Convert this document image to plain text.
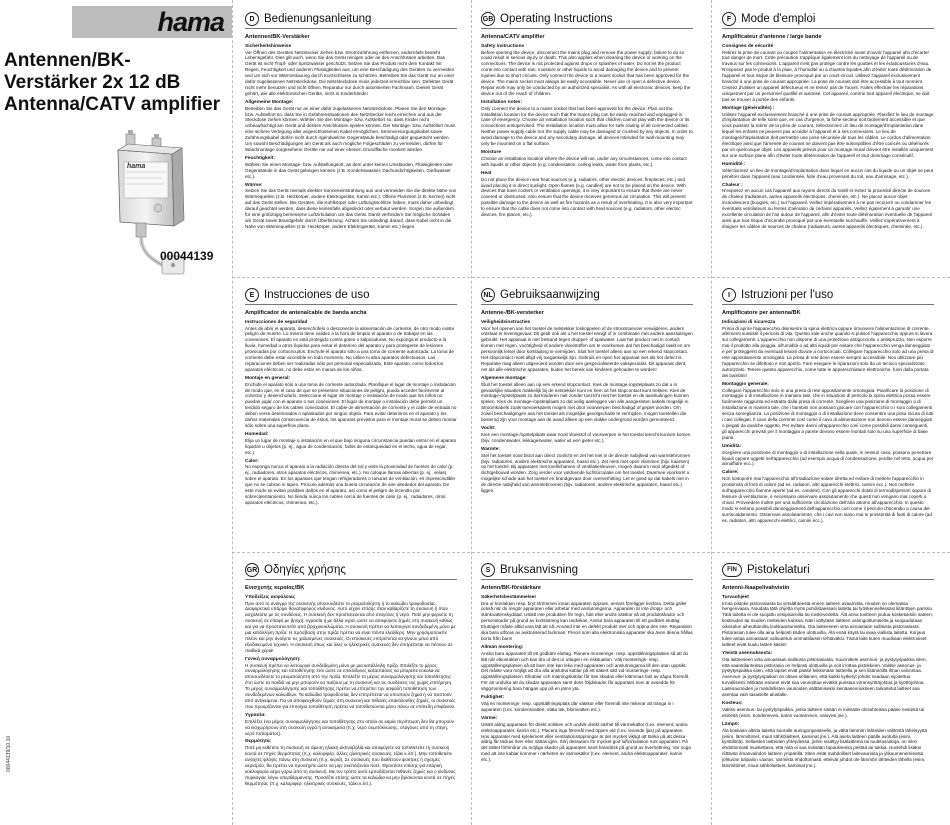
hama
Antennen/BK-
Verstärker 2x 12 dB
Antenna/CATV amplifier
hama
00044139
00044139/10.10
D Bedienungsanleitung
Antennen/BK-Verstärker
Sicherheitshinweise

Vor Öffnen des Gerätes Netzstecker ziehen bzw. Stromzuführung entfernen, andernfalls besteht Lebensgefahr. Dies gilt auch, wenn Sie das Gerät reinigen oder an den Anschlüssen arbeiten. Das Gerät ist nicht Tropf- oder Spritzwasser geschützt. Setzen Sie das Produkt nicht dem Kontakt mit Regen, Feuchtigkeit und anderen Flüssigkeiten aus, um eine Beschädigung des Gerätes zu vermeiden und um sich vor Wärmestauung durch Kurzschlüsse zu schützen. Betreiben Sie das Gerät nur an einer dafür zugelassenen Netzsteckdose. Die Netzsteckdose muss jederzeit erreichbar sein. Defektes Gerät nicht mehr benutzen und nicht öffnen. Reparatur nur durch autorisierten Fachmann. Dieses Gerät gehört, wie alle elektronischen Geräte, nicht in Kinderhände!

Allgemeine Montage:

Betreiben Sie das Gerät nur an einer dafür zugelassenen Netzsteckdose. Planen Sie den Montage- bzw. Aufstellort so, dass Sie in Gefahrensituationen den Netzstecker leicht erreichen und aus der Steckdose ziehen können. Wählen Sie den Montage- bzw. Aufstellort so, dass Kinder nicht unbeaufsichtigt am Gerät und dessen Anschlüssen spielen können. Der Montage- bzw. Aufstellort muss eine sichere Verlegung aller angeschlossenen Kabel ermöglichen. Stromversorgungskabel sowie Zuführungskabel dürfen nicht durch irgendwelche Gegenstände beschädigt oder gequetscht werden. Um sowohl Beschädigungen am Gerät als auch mögliche Folgeschäden zu vermeiden, dürfen für Wandmontage vorgesehene Geräte nur auf einer ebenen Grundfläche montiert werden.

Feuchtigkeit:

Wählen Sie einen Montage- bzw. Aufstellungsort, an dem unter keinen Umständen, Flüssigkeiten oder Gegenstände in das Gerät gelangen können (z.B. Kondenswasser, Dachundichtigkeiten, Gießwasser etc.).

Wärme:

Setzen Sie das Gerät niemals direkter Sonneneinstrahlung aus und vermeiden Sie die direkte Nähe von Wärmequellen (z.B. Heizkörper, andere Elektrogeräte, Kamin etc.). Offene Flammen (z.B. Kerzen) nicht auf das Gerät stellen. Bei Geräten, die Kühlkörper oder Lüftungsschlitze haben, muss daher unbedingt darauf geachtet werden, dass diese keinesfalls abgedeckt oder verbaut werden. Sorgen Sie außerdem für eine großzügig bemessene Luftzirkulation um das Gerät. Damit verhindern Sie mögliche Schäden am Gerät sowie Brandgefahr durch Überhitzung. Achten Sie unbedingt darauf, dass Kabel nicht in die Nähe von Wärmequellen (z.B. Heizkörper, andere Elektrogeräte, Kamin etc.) liegen.

GB Operating Instructions
Antenna/CATV amplifier
Safety instructions

Before opening the device, disconnect the mains plug and remove the power supply; failure to do so could result in serious injury or death. This also applies when cleaning the device or working on the connections. The device is not protected against drops or splashes of water. Do not let the product come into contact with rain, moisture or other liquids to avoid damaging the device and to prevent injuries due to short circuits. Only connect the device to a mains socket that has been approved for the device. The mains socket must always be easily accessible. Never use or open a defective device. Repair work may only be conducted by an authorized specialist. As with all electronic devices, keep the device out of the reach of children.

Installation notes:

Only connect the device to a mains socket that has been approved for the device. Plan out the installation location for the device such that the mains plug can be easily reached and unplugged in case of emergency. Choose an installation location such that children cannot play with the device or its connections unsupervised. The installation location must allow for safe routing of all connected cables. Neither power supply cable nor the supply cable may be damaged or crushed by any objects. In order to avoid damage to the device and any secondary damage, all devices intended for wall-mounting may only be mounted on a flat surface.

Moisture

Choose an installation location where the device will not, under any circumstances, come into contact with liquids or other objects (e.g. condensation, ceiling leaks, water from plants, etc.).

Heat

Do not place the device near heat sources (e.g. radiators, other electric devices, fireplaces, etc.) and avoid placing it in direct sunlight. Open flames (e.g. candles) are not to be placed on the device. With devices that have coolers or ventilation openings, it is very important to ensure that these are never covered or obstructed. Also ensure that the device receives generous air circulation. This will prevent possible damage to the device as well as fire hazards as a result of overheating. It is also very important to ensure that the cable does not come into contact with heat sources (e.g. radiators, other electric devices, fire places, etc.).

F Mode d'emploi
Amplificateur d'antenne / large bande
Consignes de sécurité

Retirez la prise de courant ou coupez l'alimentation en électricité avant d'ouvrir l'appareil afin d'écarter tout danger de mort. Cette précaution s'applique également lors du nettoyage de l'appareil ou de travaux sur les connexions. L'appareil n'est pas protégé contre les gouttes et les éclaboussures d'eau. N'exposez pas le produit à la pluie, à l'humidité ou à d'autres liquides afin d'éviter toute détérioration de l'appareil et tout risque de blessure provoqué par un court-circuit. Utilisez l'appareil exclusivement branché à une prise de courant appropriée. La prise de courant doit être accessible à tout moment. Cessez d'utiliser un appareil défectueux et ne tentez pas de l'ouvrir. Faites effectuer les réparations uniquement par un personnel qualifié et autorisé. Cet appareil, comme tout appareil électrique, ne doit pas se trouver à portée des enfants.

Montage (généralités) :

Utilisez l'appareil exclusivement branché à une prise de courant appropriée. Planifiez le lieu de montage d'implantation de telle sorte que, en cas d'urgence, la fiche secteur soit facilement accessible et que vous puissiez la retirer de la prise de courant. Sélectionnez un lieu de montage/d'implantation dans lequel les enfants ne peuvent pas accéder à l'appareil et à ses connexions. Le lieu de montage/d'implantation doit permettre une pose sécurisée de tous les câbles. Le cordon d'alimentation électrique ainsi que l'amenée de courant ne doivent pas être susceptibles d'être coincés ou détériorés par un quelconque objet. Les appareils prévus pour un montage mural doivent être installés uniquement sur une surface plane afin d'éviter toute détérioration de l'appareil et tout dommage consécutif.

Humidité :

Sélectionnez un lieu de montage/d'implantation dans lequel en aucun cas du liquide ou un objet ne peut pénétrer dans l'appareil (eau condensée, fuite d'eau provenant du toit, eau d'arrosage, etc.).

Chaleur :

N'exposez en aucun cas l'appareil aux rayons directs du soleil et évitez la proximité directe de sources de chaleur (radiateurs, autres appareils électriques, cheminée, etc.). Ne placez aucun objet incandescent (bougies, etc.) sur l'appareil. Veillez impérativement à ne pas recouvrir ou condamner les éventuels ventilateurs ou fentes d'aération de certains appareils. Veillez également à garantir une excellente circulation de l'air autour de l'appareil, afin d'éviter toute détérioration éventuelle de l'appareil ainsi que tout risque d'incendie provoqué par une éventuelle surchauffe. Veillez impérativement à éloigner les câbles de sources de chaleur (radiateurs, autres appareils électriques, cheminée, etc.).

E Instrucciones de uso
Amplificador de antena/cable de banda ancha
Instrucciones de seguridad

Antes de abrir el aparato, desenchúfelo o desconecte la alimentación de corriente, de otro modo existe peligro de muerte. Lo mismo tiene validez a la hora de limpiar el aparato o de trabajar en las conexiones. El aparato no está protegido contra goteo o salpicaduras. No exponga el producto a la lluvia, humedad u otros líquidos para evitar el deterioro del aparato y para protegerse de lesiones provocadas por cortocircuitos. Enchufe el aparato sólo a una toma de corriente autorizada. La toma de corriente debe estar accesible en todo momento. No utilice ni abra aparatos defectuosos. Las reparaciones deben ser realizadas sólo por personal especializado. Este aparato, como todos los aparatos eléctricos, no debe estar en manos de los niños.

Montaje en general:

Enchufe el aparato sólo a una toma de corriente autorizada. Planifique el lugar de montaje o instalación de modo que, en el caso de que se presenten situaciones de peligro, pueda acceder fácilmente al conector y desenchufarlo. Seleccione el lugar de montaje o instalación de modo que los niños no puedan jugar con el aparato o sus conexiones. El lugar de montaje o instalación debe permitir un tendido seguro de los cables conectados. El cable de alimentación de corriente y el cable de entrada no deben verse deteriorados o aplastados por ningún objeto. Para evitar deterioros en el aparato y los daños materiales consecuencia de éstos, los aparatos previstos para el montaje mural se deben montar sólo sobre una superficie plana.

Humedad:

Elija un lugar de montaje o instalación en el que bajo ninguna circunstancia puedan entrar en el aparato líquidos u objetos (p. ej., agua de condensación, fallos de estanqueidad en el techo, agua de regar, etc.).

Calor:

No exponga nunca el aparato a la radiación directa del sol y evite la proximidad de fuentes de calor (p. ej., radiadores, otros aparatos eléctricos, chimenea, etc.). No coloque llamas abiertas (p. ej., velas) sobre el aparato. En los aparatos que tengan refrigeradores o ranuras de ventilación, es imprescindible que no se cubran ni tapen. Procure además una buena circulación de aire alrededor del aparato. De este modo se evitan posibles daños en el aparato, así como el peligro de incendio por sobrecalentamiento. No tienda nunca los cables cerca de fuentes de calor (p. ej., radiadores, otros aparatos eléctricos, chimenea, etc.).

NL Gebruiksaanwijzing
Antenne-/BK-versterker
Veiligheidsinstructies

Voor het openen van het toestel de netstekker loskoppelen of de stroomtoevoer verwijderen, anders ontstaat er levensgevaar. Dit geldt ook als u het toestel reinigt of in combinatie met andere aansluitingen gebruikt. Het apparaat is niet bestand tegen druppel- of spatwater. Laat het product niet in contact komen met regen, vochtigheid of andere vloeistoffen om te voorkomen dat het beschadigd raakt en om persoonlijk letsel door kortsluiting te vermijden. Sluit het toestel alleen aan op een erkend stopcontact. Het stopcontact moet altijd vrij toegankelijk zijn. Gebruik en open het apparaat niet als het defect is. Reparatie mag alleen uitgevoerd worden door een gespecialiseerde vakspecialist. Dit apparaat dient, net als alle elektrische apparaten, buiten het bereik van kinderen gehouden te worden!

Algemene montage:

Sluit het toestel alleen aan op een erkend stopcontact. Kies de montage-/opstelplaats zo dat u in gevaarlijke situaties makkelijk bij de netstekker kunt en hem uit het stopcontact kunt trekken. Kies de montage-/opstelplaats zo dat kinderen niet zonder toezicht met het toestel en de aansluitingen kunnen spelen. Kies de montage-/opstelplaats zo dat veilig aanleggen van alle aangesloten kabels mogelijk is. Stroomkabels zoals toevoerkabels mogen niet door voorwerpen beschadigd of geplet worden. Om zowel beschadigingen aan het toestel als mogelijke gevolgschade te vermijden, mogen toestellen die bestemd zijn voor montage aan de wand alleen op een vlakke ondergrond worden gemonteerd.

Vocht:

Kies een montage-/opstelplaats waar nooit vloeistof of voorwerpen in het toestel terecht kunnen komen (bijv. condenswater, lekkageswater, water uit een gieter etc.).

Warmte:

Stel het toestel nooit bloot aan direct zonlicht en zet het niet in de directe nabijheid van warmtebronnen (bijv. radiatoren, andere elektrische apparaten, haard etc.). Zet niets met open vlammen (bijv. kaarsen) op het toestel. Bij apparaten met koellichamen of ventilatiesleuven, mogen daarom nooit afgedekt of dichtgebouwd worden. Zorg verder voor voldoende luchtcirculatie om het toestel. Daarmee voorkomt u mogelijke schade aan het toestel en brandgevaar door oververhitting. Let er goed op dat kabels niet in de directe nabijheid van warmtebronnen (bijv. radiatoren, andere elektrische apparaten, haard etc.) liggen.

I Istruzioni per l'uso
Amplificatore per antenna/BK
Indicazioni di sicurezza

Prima di aprire l'apparecchio disinserire la spina elettrica oppure rimuovere l'alimentazione di corrente, altrimenti sussiste il pericolo di vita. Questo vale anche quando si pulisce l'apparecchio oppure si lavora sui collegamenti. L'apparecchio non dispone di una protezione antigocciolio o antispruzzo. Non esporre mai il prodotto alla pioggia, all'umidità o ad altri liquidi per evitare che l'apparecchio venga danneggiato e per proteggersi da eventuali lesioni dovute a cortocircuiti. Collegare l'apparecchio solo ad una presa di rete appositamente omologata. La presa di rete deve essere sempre accessibile. Non utilizzare più l'apparecchio se difettoso e non aprirlo. Fare eseguire le riparazioni solo da un tecnico specializzato autorizzato. Tenere questo apparecchio, come tutte le apparecchiature elettroniche, fuori dalla portata dei bambini!

Montaggio generale:

Collegare l'apparecchio solo in una presa di rete appositamente omologata. Pianificare la posizione di montaggio o di installazione in maniera tale, che in situazioni di pericolo la spina elettrica possa essere facilmente raggiunta ed estratta dalla presa di corrente. Scegliere una posizione di montaggio o di installazione in maniera tale, che i bambini non possano giocare con l'apparecchio o i suoi collegamenti senza sorveglianza. La posizione di montaggio o di installazione deve consentire una posa sicura di tutti i cavi collegati. Il cavo della corrente così come il cavo di alimentazione non devono essere danneggiati o piegati da qualche oggetto. Per evitare danni all'apparecchio così come possibili danni conseguenti, gli apparecchi previsti per il montaggio a parete devono essere montati solo su una superficie di base piana.

Umidità:

Scegliere una posizione di montaggio o di installazione nella quale, in nessun caso, possano penetrare liquidi oppure oggetti nell'apparecchio (ad esempio acqua di condensazione, perdite nel tetto, acqua per annaffiare ecc.).

Calore:

Non sottoporre mai l'apparecchio all'irradiazione solare diretta ed evitare di mettere l'apparecchio in prossimità di fonti di calore (ad es. radiatori, altri apparecchi elettrici, camini ecc.). Non mettere sull'apparecchio fiamme aperte (ad es. candele). Con gli apparecchi dotati di termodispersori oppure di fessure di ventilazione, è necessario osservare assolutamente che questi non vengano mai coperti o chiusi. Provvedere inoltre per una sufficiente circolazione dell'aria attorno all'apparecchio. In questo modo si evitano possibili danneggiamenti dell'apparecchio così come il pericolo d'incendio a causa del surriscaldamento. Osservare assolutamente, che i cavi non siano mai in prossimità di fonti di calore (ad es. radiatori, altri apparecchi elettrici, camini ecc.).

GR Οδηγίες χρήσης
Ενισχυτής κεραίας/BK
Υποδείξεις ασφάλειας

Πριν από το άνοιγμα της συσκευής αποσυνδέστε το ρευματολήπτη ή το καλώδιο τροφοδοσίας. Διαφορετικά υπάρχει θανατηφόρος κίνδυνος. Αυτό ισχύει επίσης όταν καθαρίζετε τη συσκευή ή όταν ασχολείστε με τις συνδέσεις. Η συσκευή δεν προστατεύεται από σταγόνες ή νερό. Ποτέ μην φέρνετε τη συσκευή σε επαφή με βροχή, υγρασία ή με άλλα υγρά, ώστε να αποφύγετε ζημιές στη συσκευή καθώς και για να προστατευτείτε από βραχυκυκλώματα. Η συσκευή πρέπει να λειτουργεί συνδεδεμένη μόνο με μια κατάλληλη πρίζα. Η πρόσβαση στην πρίζα πρέπει να είναι πάντα ελεύθερη. Μην χρησιμοποιείτε πλέον και μην ανοίγετε τις χαλασμένες συσκευές. Οι επισκευές επιτρέπεται να γίνουν μόνο από εξειδικευμένο τεχνικό. Η συσκευή όπως και όλες οι ηλεκτρικές συσκευές δεν επιτρέπεται να πέσουν σε παιδικά χέρια!

Γενική συναρμολόγηση:

Η συσκευή πρέπει να λειτουργεί συνδεδεμένη μόνο με μια κατάλληλη πρίζα. Επιλέξτε το μέρος συναρμολόγησης και τοποθέτησης έτσι ώστε σε επικίνδυνες καταστάσεις να μπορείτε εύκολα να αποσυνδέσετε το ρευματολήπτη από την πρίζα. Επιλέξτε το μέρος συναρμολόγησης και τοποθέτησης έτσι ώστε τα παιδιά να μην μπορούν να παίζουν με τη συσκευή και τις συνδέσεις της χωρίς επιτήρηση. Το μέρος συναρμολόγησης και τοποθέτησης πρέπει να επιτρέπει την ασφαλή τοποθέτηση των συνδεδεμένων καλωδίων. Τα καλώδια τροφοδοσίας δεν επιτρέπεται να υποστούν ζημιά ή να πιεστούν από αντικείμενα. Για να αποφευχθούν ζημιές στη συσκευή και πιθανές επακόλουθες ζημιές, οι συσκευές που προορίζονται για επιτοίχια τοποθέτηση πρέπει να τοποθετούνται μόνο πάνω σε επίπεδη επιφάνεια.

Υγρασία:

Επιλέξτε ένα μέρος συναρμολόγησης και τοποθέτησης στο οποίο σε καμία περίπτωση δεν θα μπορούν να εισχωρήσουν στη συσκευή υγρά ή αντικείμενα (π.χ. νερό συμπύκνωσης, σταγόνες από τη στέγη, νερό ποτίσματος).

Θερμότητα:

Ποτέ μη εκθέτετε τη συσκευή σε άμεση ηλιακή ακτινοβολία και αποφύγετε να τοποθετείτε τη συσκευή κοντά σε πηγές θερμότητας (π.χ. καλοριφέρ, άλλες ηλεκτρικές συσκευές, τζάκι κ.λπ.). Μην τοποθετείτε ανοιχτές φλόγες πάνω στη συσκευή (π.χ. κεριά). Σε συσκευές που διαθέτουν ψύκτρες ή σχισμές αερισμού, θα πρέπει να προσέχετε ώστε να μην σκεπάζονται ποτέ. Φροντίστε επίσης για επαρκή κυκλοφορία αέρα γύρω από τη συσκευή. Με τον τρόπο αυτό εμποδίζονται πιθανές ζημιές και ο κίνδυνος πυρκαγιάς λόγω υπερθέρμανσης. Προσέξτε επίσης ώστε τα καλώδια να μην βρίσκονται κοντά σε πηγές θερμότητας (π.χ. καλοριφέρ, ηλεκτρικές συσκευές, τζάκι κ.λπ.).

S Bruksanvisning
Antenn/BK-förstärkare
Säkerhetsbestämmelser

Dra ur kontakten resp. bryt strömmen innan apparaten öppnas, annars föreligger livsfara. Detta gäller också när du rengör apparaten eller arbetar med anslutningarna. Apparaten är inte dropp- och stänkvattenskyddad. Utsätt inte produkten för regn, fukt eller andra vätskor så att produktskador och personskador på grund av kortslutning kan undvikas. Anslut bara apparaten till ett godkänt eluttag. Eluttaget måste alltid vara lätt att nå. Använd inte en defekt produkt mer och öppna den inte. Reparation ska bara utföras av auktoriserad fackman. Precis som alla elektroniska apparater ska även denna hållas borta från barn!

Allmän montering:

Anslut bara apparaten till ett godkänt eluttag. Planera monterings- resp. uppställningsplatsen så att du lätt når elkontakten och kan dra ut den ur uttaget i en riskituation. Välj monterings- resp. uppställningsplatsen så att barn inte kan leka med apparaten och anslutningarna till den utan uppsikt. Det måste vara möjligt att dra alla anslutna kablar på ett säkert sätt vid monterings- resp. uppställningsplatsen. Elkablar och matningskablar får inte skadas eller klämmas fast av några föremål. För att undvika att du skadar apparaten samt dess följdskador får apparater som är avsedda för väggmontering bara hängas upp på en jämn yta.

Fuktighet:

Välj en monterings- resp. uppställningsplats där vätskor eller föremål inte riskerar att tränga in i apparaten (t.ex. kondensvatten, otäta tak, blomvatten etc.).

Värme:

Utsätt aldrig apparaten för direkt solsken och undvik direkt närhet till värmekällor (t.ex. element, andra elektroapparater, kamin etc.). Placera inga föremål med öppen eld (t.ex. levande ljus) på apparaten. Hos apparater med kylelement eller ventilationsöppningar är det mycket viktigt att tänka på att dessa aldrig får täckas över eller sättas igen. Sörj dessutom för mycket god luftcirkulation runt apparaten. På det sättet förhindrar du möjliga skador på apparaten samt brandrisk på grund av överhettning. Var noga med att inte kablar kommer i närheten av värmekällor (t.ex. element, andra elektroapparater, kamin etc.).

FIN Pistokelaturi
Antenni-/kaapelivahvistin
Turvaohjeet

Irrota pistoke pistorasiasta tai virtalähteestä ennen laitteen avaamista, muuten on olemassa hengenvaara. Noudata tätä ohjetta myös puhdistaessasi laitetta tai työskennellessäsi liitäntöjen parissa. Tätä laitetta ei ole suojattu vesipisaroilta tai roiskevedeltä. Älä anna tuotteen joutua kosketuksiin sateen, kosteuden tai muiden nesteiden kanssa. Näin vältytään laitteen vahingoittumiselta ja suojaudutaan oikosulun aiheuttamilta loukkaantumisilta. Ota laitteeseen virta ainoastaan sallitusta pistorasiasta. Pistorasian tulee olla aina helposti käden ulottuvilla. Älä enää käytä tai avaa viallista laitetta. Korjaus tulee antaa ainoastaan valtuutetun ammattilaisen tehtäväksi. Tämä laite kuten muutkaan elektroniset laitteet eivät kuulu lasten käsiin!

Yleistä asennuksesta:

Ota laitteeseen virta ainoastaan sallitusta pistorasiasta. Suunnittele asennus- ja pystytyspaikka siten, että vaaratilanteissa pistorasia on helposti ulottuvilla ja voit irrottaa pistokkeen. Valitse asennus- ja pystytyspaikka siten, että lapset eivät pääse leikkimään laitteella ja sen liitännöillä ilman valvontaa. Asennus- ja pystytyspaikan on oltava sellainen, että kaikki kytketyt johdot saadaan sijoitettua turvallisesti. Mitkään esineet eivät saa vaurioittaa eivätkä puristaa virransyöttöjohtoa ja syöttöjohtoa. Laitevaurioiden ja mahdollisten vaurioiden välttämiseksi seinäasennukseen tarkoitetut laitteet saa asentaa vain tasaiselle alustalle.

Kosteus:

Valitse asennus- tai pystytyspaikka, jossa laitteen sisään ei missään olosuhteissa pääse nesteitä tai esineitä (esim. kondensvesi, katon vuotaminen, valuvesi jne.).

Lämpö:

Älä koskaan altista laitetta suoralle auringonpaisteelle, ja vältä lämmön lähteiden välitöntä läheisyyttä (esim. lämmittimet, muut sähkölaitteet, kamiinat jne.). Älä aseta laitteen päälle avotulta (esim. kynttilöitä). Sellaisten laitteiden yhteydessä, joihin sisältyy lisälaitteina tai tuuletusrakoja, on siksi ehdottomasti muistettava, että niitä ei saa missään tapauksessa peittää tai tukkia. Huolehdi lisäksi riittävän ilmanvaihdon laitteen ympärillä. Siten estät mahdolliset laitevaurioita ja ylikuumenemisesta johtuvan tulipalon vaaran. Varmista ehdottomasti, etteivät johdot ole lämmön lähteiden lähellä (esim. lämmittimet, muut sähkölaitteet, kamiinat jne.).
